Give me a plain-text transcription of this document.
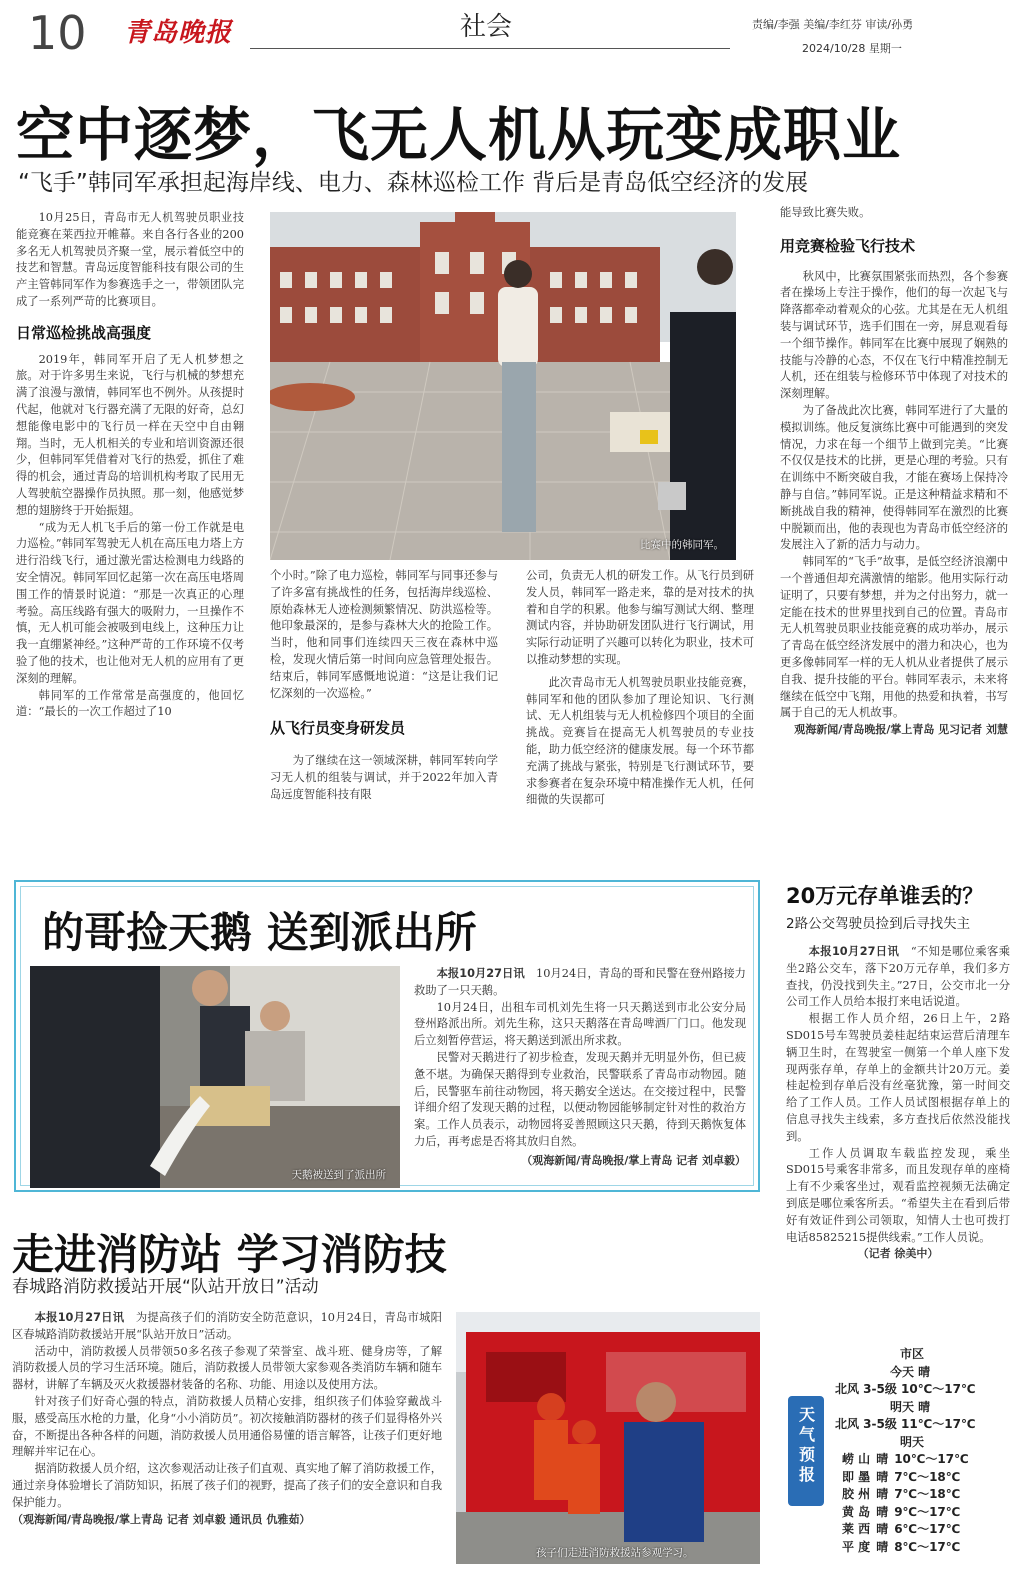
10 青岛晚报	社会	责编/李强 美编/李红芬 审读/孙勇
2024/10/28 星期一
空中逐梦，飞无人机从玩变成职业
“飞手”韩同军承担起海岸线、电力、森林巡检工作 背后是青岛低空经济的发展
比赛中的韩同军。

10月25日，青岛市无人机驾驶员职业技能竞赛在莱西拉开帷幕。来自各行各业的200多名无人机驾驶员齐聚一堂，展示着低空中的技艺和智慧。青岛远度智能科技有限公司的生产主管韩同军作为参赛选手之一，带领团队完成了一系列严苛的比赛项目。

日常巡检挑战高强度

2019年，韩同军开启了无人机梦想之旅。对于许多男生来说，飞行与机械的梦想充满了浪漫与激情，韩同军也不例外。从孩提时代起，他就对飞行器充满了无限的好奇，总幻想能像电影中的飞行员一样在天空中自由翱翔。当时，无人机相关的专业和培训资源还很少，但韩同军凭借着对飞行的热爱，抓住了难得的机会，通过青岛的培训机构考取了民用无人驾驶航空器操作员执照。那一刻，他感觉梦想的翅膀终于开始振翅。

“成为无人机飞手后的第一份工作就是电力巡检。”韩同军驾驶无人机在高压电力塔上方进行沿线飞行，通过激光雷达检测电力线路的安全情况。韩同军回忆起第一次在高压电塔周围工作的情景时说道：“那是一次真正的心理考验。高压线路有强大的吸附力，一旦操作不慎，无人机可能会被吸到电线上，这种压力让我一直绷紧神经。”这种严苛的工作环境不仅考验了他的技术，也让他对无人机的应用有了更深刻的理解。

韩同军的工作常常是高强度的，他回忆道：“最长的一次工作超过了10

个小时。”除了电力巡检，韩同军与同事还参与了许多富有挑战性的任务，包括海岸线巡检、原始森林无人迹检测频繁情况、防洪巡检等。他印象最深的，是参与森林大火的抢险工作。当时，他和同事们连续四天三夜在森林中巡检，发现火情后第一时间向应急管理处报告。结束后，韩同军感慨地说道：“这是让我们记忆深刻的一次巡检。”

从飞行员变身研发员

为了继续在这一领域深耕，韩同军转向学习无人机的组装与调试，并于2022年加入青岛远度智能科技有限

公司，负责无人机的研发工作。从飞行员到研发人员，韩同军一路走来，靠的是对技术的执着和自学的积累。他参与编写测试大纲、整理测试内容，并协助研发团队进行飞行调试，用实际行动证明了兴趣可以转化为职业，技术可以推动梦想的实现。

此次青岛市无人机驾驶员职业技能竞赛，韩同军和他的团队参加了理论知识、飞行测试、无人机组装与无人机检修四个项目的全面挑战。竞赛旨在提高无人机驾驶员的专业技能，助力低空经济的健康发展。每一个环节都充满了挑战与紧张，特别是飞行测试环节，要求参赛者在复杂环境中精准操作无人机，任何细微的失误都可

能导致比赛失败。

用竞赛检验飞行技术

秋风中，比赛氛围紧张而热烈，各个参赛者在操场上专注于操作，他们的每一次起飞与降落都牵动着观众的心弦。尤其是在无人机组装与调试环节，选手们围在一旁，屏息观看每一个细节操作。韩同军在比赛中展现了娴熟的技能与冷静的心态，不仅在飞行中精准控制无人机，还在组装与检修环节中体现了对技术的深刻理解。

为了备战此次比赛，韩同军进行了大量的模拟训练。他反复演练比赛中可能遇到的突发情况，力求在每一个细节上做到完美。“比赛不仅仅是技术的比拼，更是心理的考验。只有在训练中不断突破自我，才能在赛场上保持冷静与自信。”韩同军说。正是这种精益求精和不断挑战自我的精神，使得韩同军在激烈的比赛中脱颖而出，他的表现也为青岛市低空经济的发展注入了新的活力与动力。

韩同军的“飞手”故事，是低空经济浪潮中一个普通但却充满激情的缩影。他用实际行动证明了，只要有梦想，并为之付出努力，就一定能在技术的世界里找到自己的位置。青岛市无人机驾驶员职业技能竞赛的成功举办，展示了青岛在低空经济发展中的潜力和决心，也为更多像韩同军一样的无人机从业者提供了展示自我、提升技能的平台。韩同军表示，未来将继续在低空中飞翔，用他的热爱和执着，书写属于自己的无人机故事。

观海新闻/青岛晚报/掌上青岛 见习记者 刘慧
的哥捡天鹅 送到派出所
天鹅被送到了派出所

本报10月27日讯　 10月24日，青岛的哥和民警在登州路接力救助了一只天鹅。

10月24日，出租车司机刘先生将一只天鹅送到市北公安分局登州路派出所。刘先生称，这只天鹅落在青岛啤酒厂门口。他发现后立刻暂停营运，将天鹅送到派出所求救。

民警对天鹅进行了初步检查，发现天鹅并无明显外伤，但已疲惫不堪。为确保天鹅得到专业救治，民警联系了青岛市动物园。随后，民警驱车前往动物园，将天鹅安全送达。在交接过程中，民警详细介绍了发现天鹅的过程，以便动物园能够制定针对性的救治方案。工作人员表示，动物园将妥善照顾这只天鹅，待到天鹅恢复体力后，再考虑是否将其放归自然。

（观海新闻/青岛晚报/掌上青岛 记者 刘卓毅）
走进消防站 学习消防技
春城路消防救援站开展“队站开放日”活动

本报10月27日讯　 为提高孩子们的消防安全防范意识，10月24日，青岛市城阳区春城路消防救援站开展“队站开放日”活动。

活动中，消防救援人员带领50多名孩子参观了荣誉室、战斗班、健身房等，了解消防救援人员的学习生活环境。随后，消防救援人员带领大家参观各类消防车辆和随车器材，讲解了车辆及灭火救援器材装备的名称、功能、用途以及使用方法。

针对孩子们好奇心强的特点，消防救援人员精心安排，组织孩子们体验穿戴战斗服，感受高压水枪的力量，化身“小小消防员”。初次接触消防器材的孩子们显得格外兴奋，不断提出各种各样的问题，消防救援人员用通俗易懂的语言解答，让孩子们更好地理解并牢记在心。

据消防救援人员介绍，这次参观活动让孩子们直观、真实地了解了消防救援工作，通过亲身体验增长了消防知识，拓展了孩子们的视野，提高了孩子们的安全意识和自我保护能力。

（观海新闻/青岛晚报/掌上青岛 记者 刘卓毅 通讯员 仇雅茹）
孩子们走进消防救援站参观学习。
20万元存单谁丢的？
2路公交驾驶员捡到后寻找失主

本报10月27日讯　 “不知是哪位乘客乘坐2路公交车，落下20万元存单，我们多方查找，仍没找到失主。”27日，公交市北一分公司工作人员给本报打来电话说道。

根据工作人员介绍，26日上午，2路SD015号车驾驶员姜桂起结束运营后清理车辆卫生时，在驾驶室一侧第一个单人座下发现两张存单，存单上的金额共计20万元。姜桂起检到存单后没有丝毫犹豫，第一时间交给了工作人员。工作人员试图根据存单上的信息寻找失主线索，多方查找后依然没能找到。

工作人员调取车载监控发现，乘坐SD015号乘客非常多，而且发现存单的座椅上有不少乘客坐过，观看监控视频无法确定到底是哪位乘客所丢。“希望失主在看到后带好有效证件到公司领取，知情人士也可拨打电话85825215提供线索。”工作人员说。

（记者 徐美中）
天气预报
市区
今天 晴
北风 3-5级 10℃～17℃
明天 晴
北风 3-5级 11℃～17℃
明天
崂 山 晴 10℃～17℃
即 墨 晴 7℃～18℃
胶 州 晴 7℃～18℃
黄 岛 晴 9℃～17℃
莱 西 晴 6℃～17℃
平 度 晴 8℃～17℃
